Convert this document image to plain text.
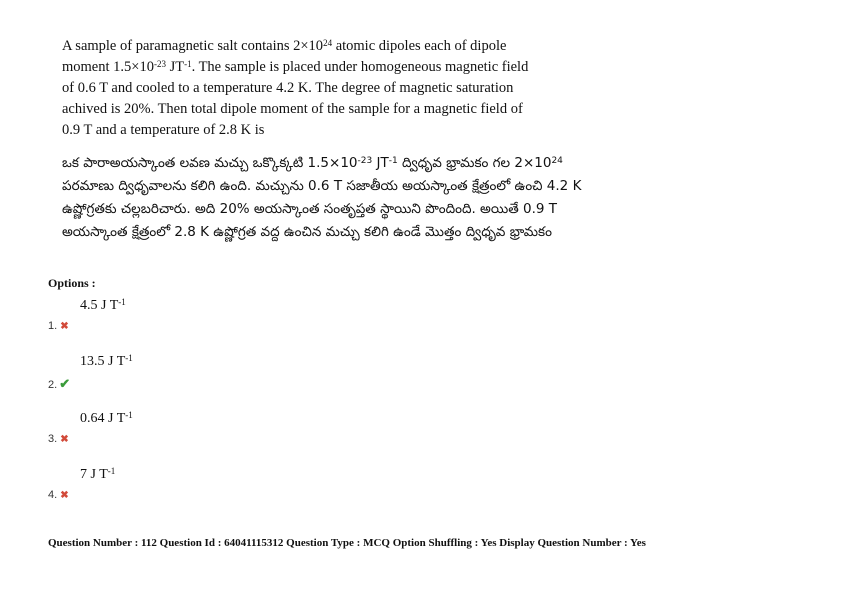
A sample of paramagnetic salt contains $2\times 10^{24}$ atomic dipoles each of dipole
moment $1.5\times 10^{-23}$ $JT^{-1}$. The sample is placed under homogeneous magnetic field
of 0.6 T and cooled to a temperature 4.2 K. The degree of magnetic saturation
achived is 20%. Then total dipole moment of the sample for a magnetic field of
0.9 T and a temperature of 2.8 K is
ఒక పారాఅయస్కాంత లవణ మచ్చు ఒక్కొక్కటి $1.5\times 10^{-23}$ $JT^{-1}$ ద్విధృవ భ్రామకం గల $2\times 10^{24}$
పరమాణు ద్విధృవాలను కలిగి ఉంది. మచ్చును 0.6 T సజాతీయ అయస్కాంత క్షేత్రంలో ఉంచి 4.2 K
ఉష్ణోగ్రతకు చల్లబరిచారు. అది 20% అయస్కాంత సంతృప్తత స్థాయిని పొందింది. అయితే 0.9 T
అయస్కాంత క్షేత్రంలో 2.8 K ఉష్ణోగ్రత వద్ద ఉంచిన మచ్చు కలిగి ఉండే మొత్తం ద్విధృవ భ్రామకం
Options :
4.5 J $T^{-1}$
1. ✖
13.5 J $T^{-1}$
2. ✔
0.64 J $T^{-1}$
3. ✖
7 J $T^{-1}$
4. ✖
Question Number : 112 Question Id : 64041115312 Question Type : MCQ Option Shuffling : Yes Display Question Number : Yes
